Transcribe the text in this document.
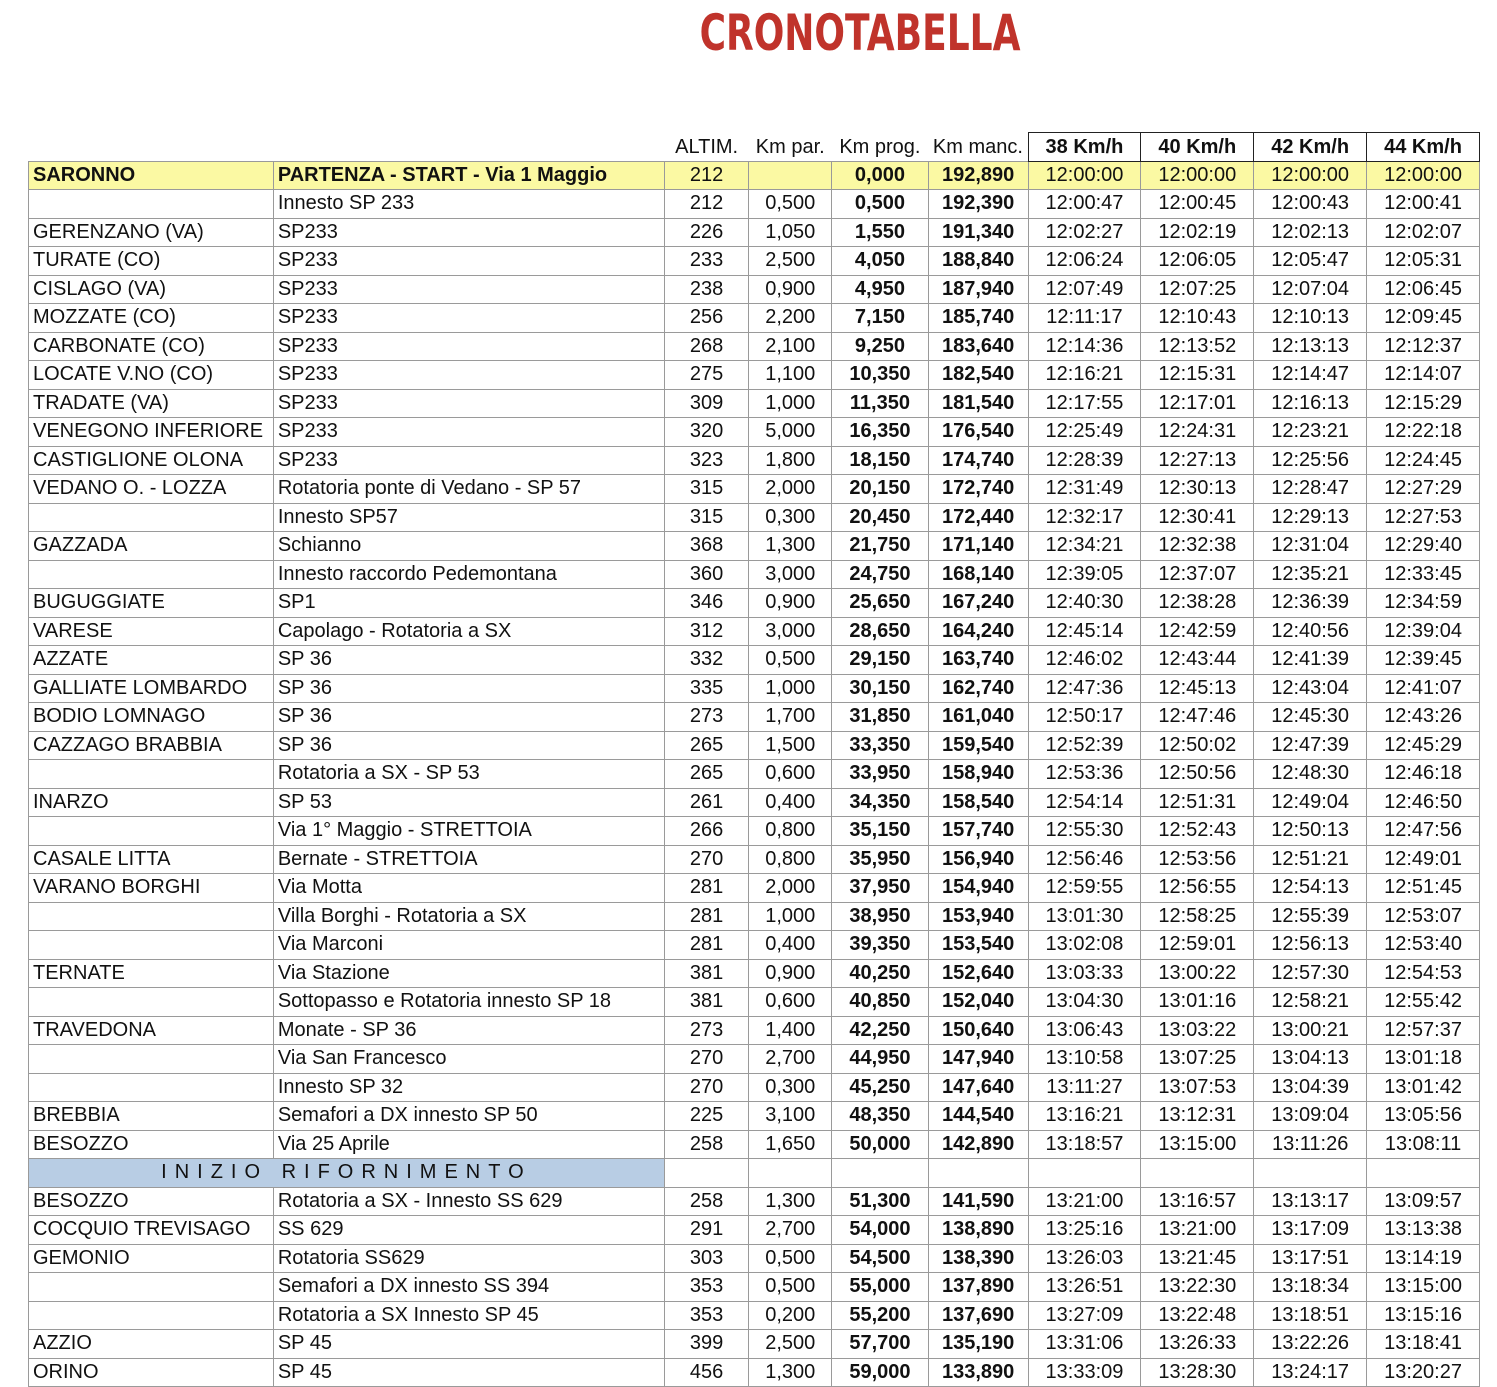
CRONOTABELLA
		ALTIM.	Km par.	Km prog.	Km manc.	38 Km/h	40 Km/h	42 Km/h	44 Km/h
SARONNO	PARTENZA - START - Via 1 Maggio	212		0,000	192,890	12:00:00	12:00:00	12:00:00	12:00:00
	Innesto SP 233	212	0,500	0,500	192,390	12:00:47	12:00:45	12:00:43	12:00:41
GERENZANO (VA)	SP233	226	1,050	1,550	191,340	12:02:27	12:02:19	12:02:13	12:02:07
TURATE (CO)	SP233	233	2,500	4,050	188,840	12:06:24	12:06:05	12:05:47	12:05:31
CISLAGO (VA)	SP233	238	0,900	4,950	187,940	12:07:49	12:07:25	12:07:04	12:06:45
MOZZATE (CO)	SP233	256	2,200	7,150	185,740	12:11:17	12:10:43	12:10:13	12:09:45
CARBONATE (CO)	SP233	268	2,100	9,250	183,640	12:14:36	12:13:52	12:13:13	12:12:37
LOCATE V.NO (CO)	SP233	275	1,100	10,350	182,540	12:16:21	12:15:31	12:14:47	12:14:07
TRADATE (VA)	SP233	309	1,000	11,350	181,540	12:17:55	12:17:01	12:16:13	12:15:29
VENEGONO INFERIORE	SP233	320	5,000	16,350	176,540	12:25:49	12:24:31	12:23:21	12:22:18
CASTIGLIONE OLONA	SP233	323	1,800	18,150	174,740	12:28:39	12:27:13	12:25:56	12:24:45
VEDANO O. - LOZZA	Rotatoria ponte di Vedano - SP 57	315	2,000	20,150	172,740	12:31:49	12:30:13	12:28:47	12:27:29
	Innesto SP57	315	0,300	20,450	172,440	12:32:17	12:30:41	12:29:13	12:27:53
GAZZADA	Schianno	368	1,300	21,750	171,140	12:34:21	12:32:38	12:31:04	12:29:40
	Innesto raccordo Pedemontana	360	3,000	24,750	168,140	12:39:05	12:37:07	12:35:21	12:33:45
BUGUGGIATE	SP1	346	0,900	25,650	167,240	12:40:30	12:38:28	12:36:39	12:34:59
VARESE	Capolago - Rotatoria a SX	312	3,000	28,650	164,240	12:45:14	12:42:59	12:40:56	12:39:04
AZZATE	SP 36	332	0,500	29,150	163,740	12:46:02	12:43:44	12:41:39	12:39:45
GALLIATE LOMBARDO	SP 36	335	1,000	30,150	162,740	12:47:36	12:45:13	12:43:04	12:41:07
BODIO LOMNAGO	SP 36	273	1,700	31,850	161,040	12:50:17	12:47:46	12:45:30	12:43:26
CAZZAGO BRABBIA	SP 36	265	1,500	33,350	159,540	12:52:39	12:50:02	12:47:39	12:45:29
	Rotatoria a SX - SP 53	265	0,600	33,950	158,940	12:53:36	12:50:56	12:48:30	12:46:18
INARZO	SP 53	261	0,400	34,350	158,540	12:54:14	12:51:31	12:49:04	12:46:50
	Via 1° Maggio - STRETTOIA	266	0,800	35,150	157,740	12:55:30	12:52:43	12:50:13	12:47:56
CASALE LITTA	Bernate - STRETTOIA	270	0,800	35,950	156,940	12:56:46	12:53:56	12:51:21	12:49:01
VARANO BORGHI	Via Motta	281	2,000	37,950	154,940	12:59:55	12:56:55	12:54:13	12:51:45
	Villa Borghi - Rotatoria a SX	281	1,000	38,950	153,940	13:01:30	12:58:25	12:55:39	12:53:07
	Via Marconi	281	0,400	39,350	153,540	13:02:08	12:59:01	12:56:13	12:53:40
TERNATE	Via Stazione	381	0,900	40,250	152,640	13:03:33	13:00:22	12:57:30	12:54:53
	Sottopasso e Rotatoria innesto SP 18	381	0,600	40,850	152,040	13:04:30	13:01:16	12:58:21	12:55:42
TRAVEDONA	Monate - SP 36	273	1,400	42,250	150,640	13:06:43	13:03:22	13:00:21	12:57:37
	Via San Francesco	270	2,700	44,950	147,940	13:10:58	13:07:25	13:04:13	13:01:18
	Innesto SP 32	270	0,300	45,250	147,640	13:11:27	13:07:53	13:04:39	13:01:42
BREBBIA	Semafori a DX innesto SP 50	225	3,100	48,350	144,540	13:16:21	13:12:31	13:09:04	13:05:56
BESOZZO	Via 25 Aprile	258	1,650	50,000	142,890	13:18:57	13:15:00	13:11:26	13:08:11
INIZIO RIFORNIMENTO									
BESOZZO	Rotatoria a SX - Innesto SS 629	258	1,300	51,300	141,590	13:21:00	13:16:57	13:13:17	13:09:57
COCQUIO TREVISAGO	SS 629	291	2,700	54,000	138,890	13:25:16	13:21:00	13:17:09	13:13:38
GEMONIO	Rotatoria SS629	303	0,500	54,500	138,390	13:26:03	13:21:45	13:17:51	13:14:19
	Semafori a DX innesto SS 394	353	0,500	55,000	137,890	13:26:51	13:22:30	13:18:34	13:15:00
	Rotatoria a SX Innesto SP 45	353	0,200	55,200	137,690	13:27:09	13:22:48	13:18:51	13:15:16
AZZIO	SP 45	399	2,500	57,700	135,190	13:31:06	13:26:33	13:22:26	13:18:41
ORINO	SP 45	456	1,300	59,000	133,890	13:33:09	13:28:30	13:24:17	13:20:27
